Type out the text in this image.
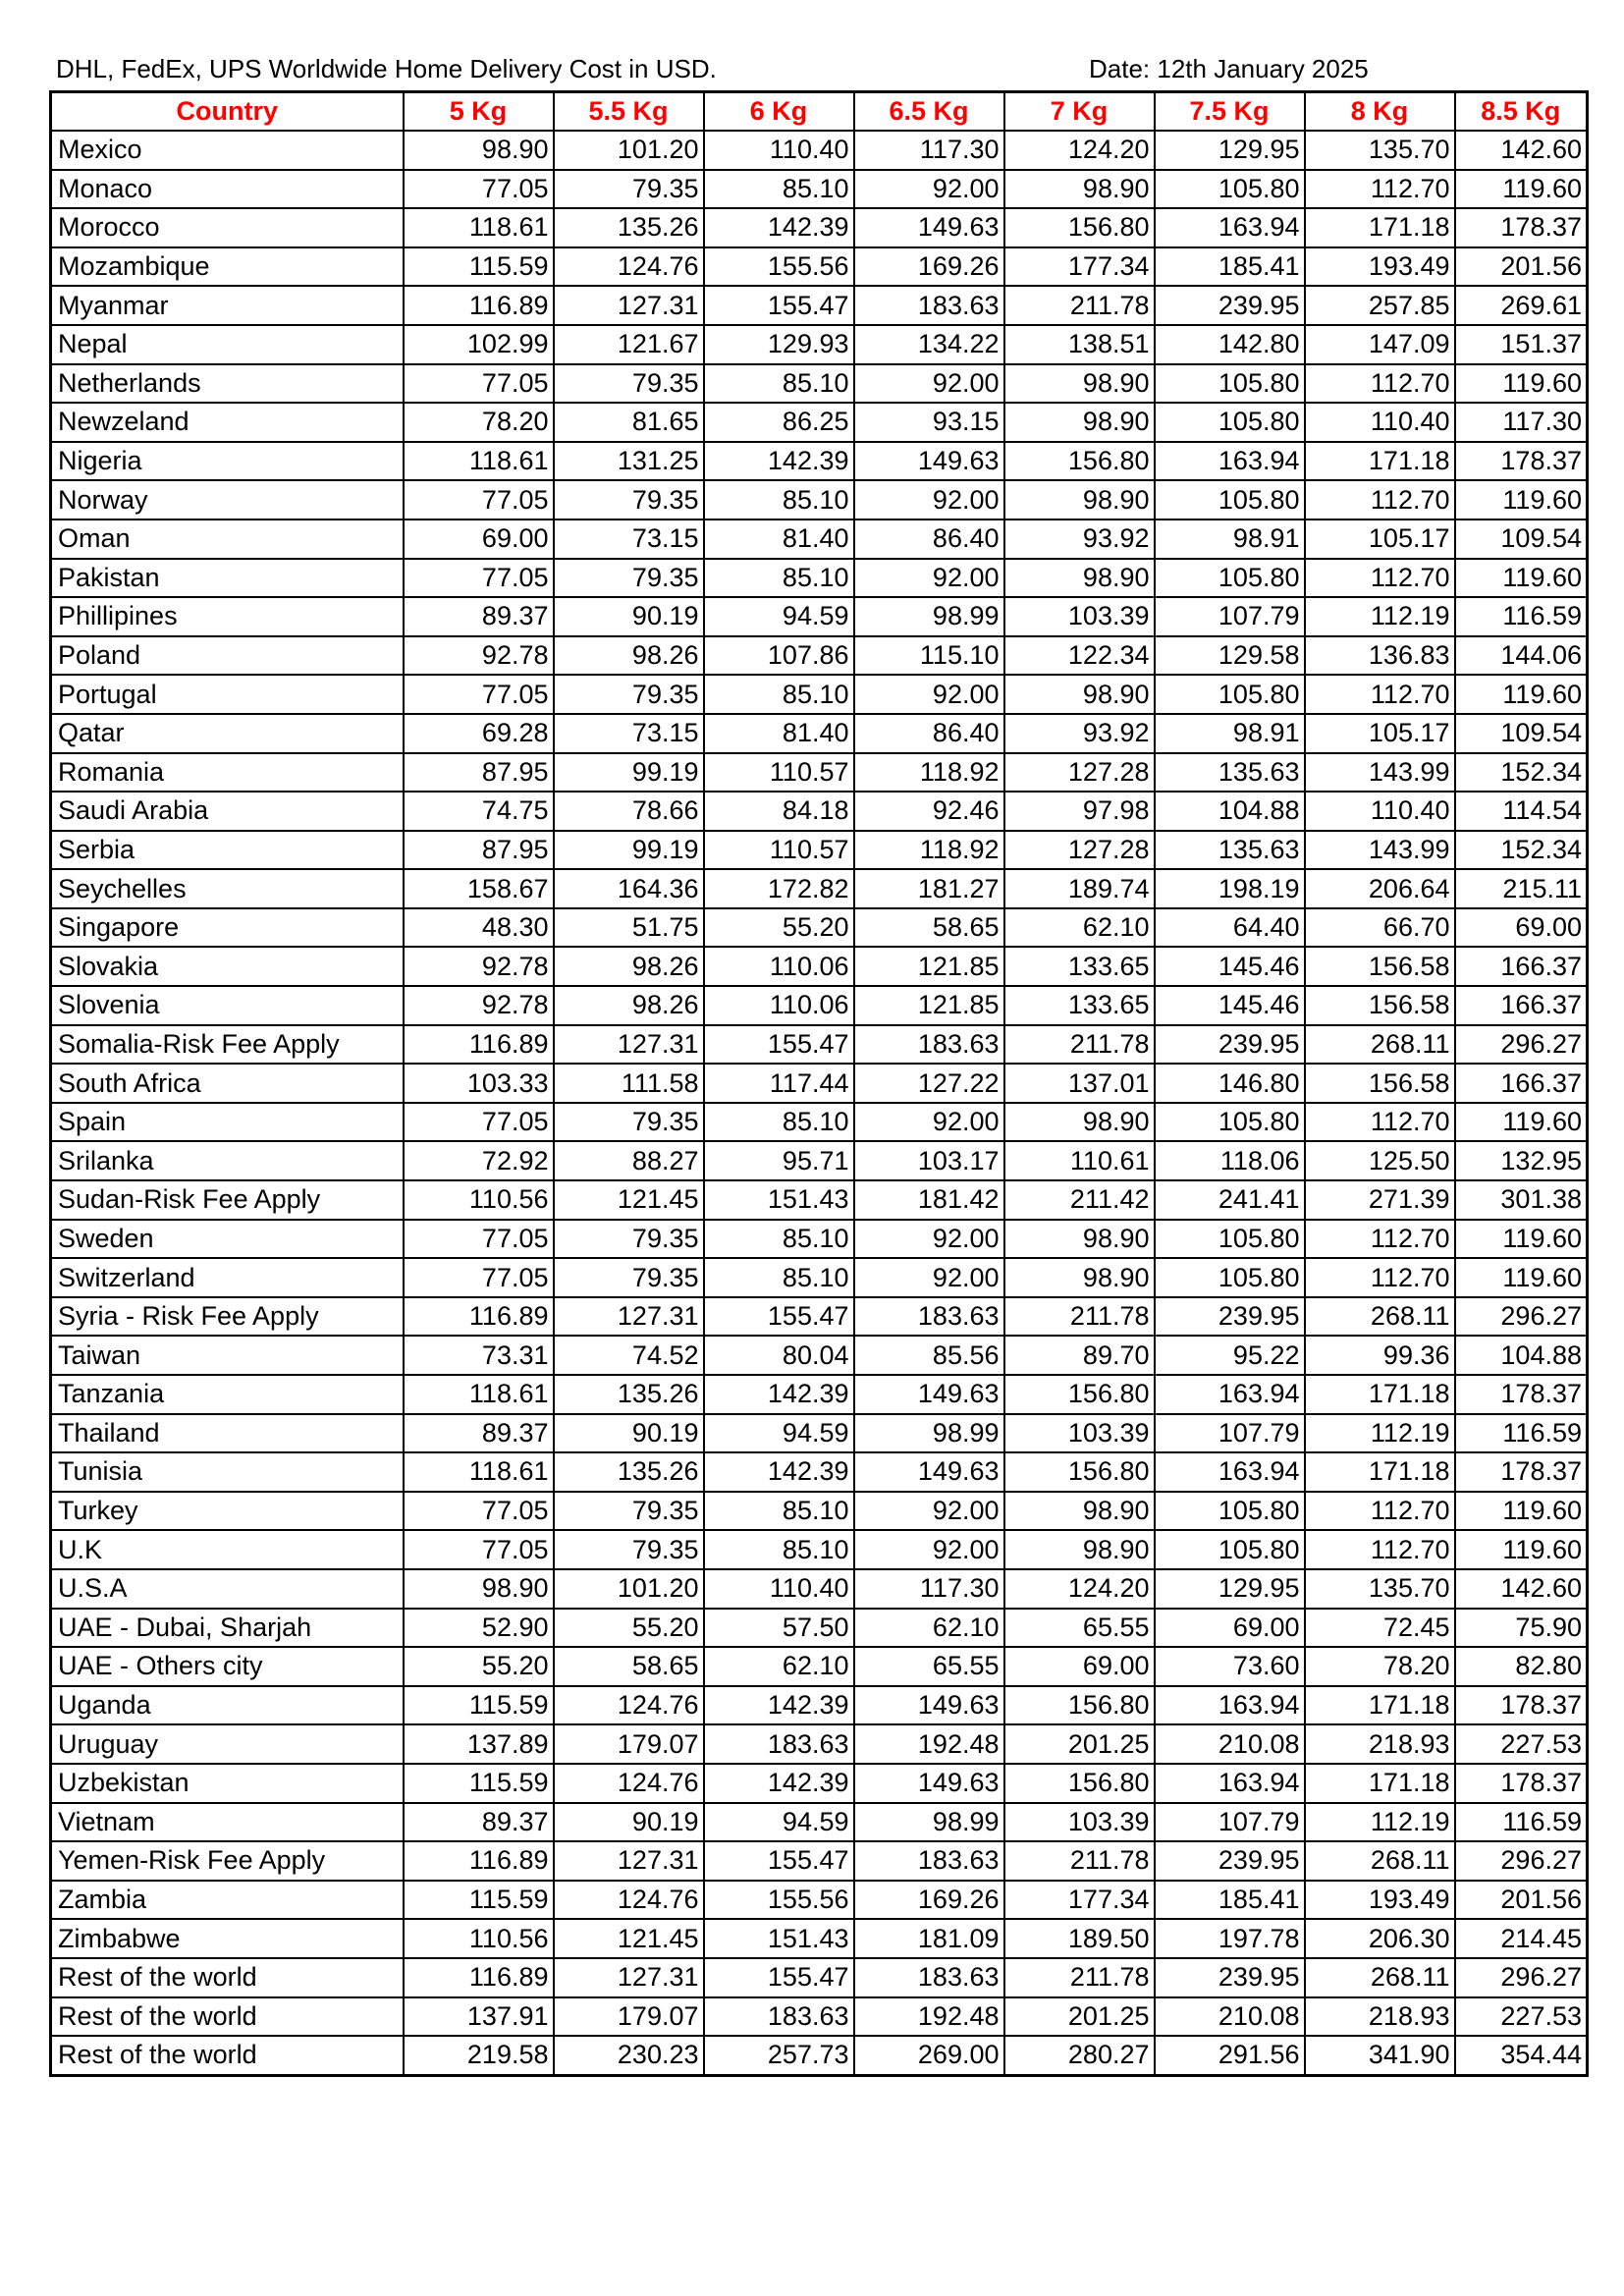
DHL, FedEx, UPS Worldwide Home Delivery Cost in USD.	Date: 12th January 2025
Country	5 Kg	5.5 Kg	6 Kg	6.5 Kg	7 Kg	7.5 Kg	8 Kg	8.5 Kg
Mexico	98.90	101.20	110.40	117.30	124.20	129.95	135.70	142.60
Monaco	77.05	79.35	85.10	92.00	98.90	105.80	112.70	119.60
Morocco	118.61	135.26	142.39	149.63	156.80	163.94	171.18	178.37
Mozambique	115.59	124.76	155.56	169.26	177.34	185.41	193.49	201.56
Myanmar	116.89	127.31	155.47	183.63	211.78	239.95	257.85	269.61
Nepal	102.99	121.67	129.93	134.22	138.51	142.80	147.09	151.37
Netherlands	77.05	79.35	85.10	92.00	98.90	105.80	112.70	119.60
Newzeland	78.20	81.65	86.25	93.15	98.90	105.80	110.40	117.30
Nigeria	118.61	131.25	142.39	149.63	156.80	163.94	171.18	178.37
Norway	77.05	79.35	85.10	92.00	98.90	105.80	112.70	119.60
Oman	69.00	73.15	81.40	86.40	93.92	98.91	105.17	109.54
Pakistan	77.05	79.35	85.10	92.00	98.90	105.80	112.70	119.60
Phillipines	89.37	90.19	94.59	98.99	103.39	107.79	112.19	116.59
Poland	92.78	98.26	107.86	115.10	122.34	129.58	136.83	144.06
Portugal	77.05	79.35	85.10	92.00	98.90	105.80	112.70	119.60
Qatar	69.28	73.15	81.40	86.40	93.92	98.91	105.17	109.54
Romania	87.95	99.19	110.57	118.92	127.28	135.63	143.99	152.34
Saudi Arabia	74.75	78.66	84.18	92.46	97.98	104.88	110.40	114.54
Serbia	87.95	99.19	110.57	118.92	127.28	135.63	143.99	152.34
Seychelles	158.67	164.36	172.82	181.27	189.74	198.19	206.64	215.11
Singapore	48.30	51.75	55.20	58.65	62.10	64.40	66.70	69.00
Slovakia	92.78	98.26	110.06	121.85	133.65	145.46	156.58	166.37
Slovenia	92.78	98.26	110.06	121.85	133.65	145.46	156.58	166.37
Somalia-Risk Fee Apply	116.89	127.31	155.47	183.63	211.78	239.95	268.11	296.27
South Africa	103.33	111.58	117.44	127.22	137.01	146.80	156.58	166.37
Spain	77.05	79.35	85.10	92.00	98.90	105.80	112.70	119.60
Srilanka	72.92	88.27	95.71	103.17	110.61	118.06	125.50	132.95
Sudan-Risk Fee Apply	110.56	121.45	151.43	181.42	211.42	241.41	271.39	301.38
Sweden	77.05	79.35	85.10	92.00	98.90	105.80	112.70	119.60
Switzerland	77.05	79.35	85.10	92.00	98.90	105.80	112.70	119.60
Syria - Risk Fee Apply	116.89	127.31	155.47	183.63	211.78	239.95	268.11	296.27
Taiwan	73.31	74.52	80.04	85.56	89.70	95.22	99.36	104.88
Tanzania	118.61	135.26	142.39	149.63	156.80	163.94	171.18	178.37
Thailand	89.37	90.19	94.59	98.99	103.39	107.79	112.19	116.59
Tunisia	118.61	135.26	142.39	149.63	156.80	163.94	171.18	178.37
Turkey	77.05	79.35	85.10	92.00	98.90	105.80	112.70	119.60
U.K	77.05	79.35	85.10	92.00	98.90	105.80	112.70	119.60
U.S.A	98.90	101.20	110.40	117.30	124.20	129.95	135.70	142.60
UAE - Dubai, Sharjah	52.90	55.20	57.50	62.10	65.55	69.00	72.45	75.90
UAE - Others city	55.20	58.65	62.10	65.55	69.00	73.60	78.20	82.80
Uganda	115.59	124.76	142.39	149.63	156.80	163.94	171.18	178.37
Uruguay	137.89	179.07	183.63	192.48	201.25	210.08	218.93	227.53
Uzbekistan	115.59	124.76	142.39	149.63	156.80	163.94	171.18	178.37
Vietnam	89.37	90.19	94.59	98.99	103.39	107.79	112.19	116.59
Yemen-Risk Fee Apply	116.89	127.31	155.47	183.63	211.78	239.95	268.11	296.27
Zambia	115.59	124.76	155.56	169.26	177.34	185.41	193.49	201.56
Zimbabwe	110.56	121.45	151.43	181.09	189.50	197.78	206.30	214.45
Rest of the world	116.89	127.31	155.47	183.63	211.78	239.95	268.11	296.27
Rest of the world	137.91	179.07	183.63	192.48	201.25	210.08	218.93	227.53
Rest of the world	219.58	230.23	257.73	269.00	280.27	291.56	341.90	354.44
